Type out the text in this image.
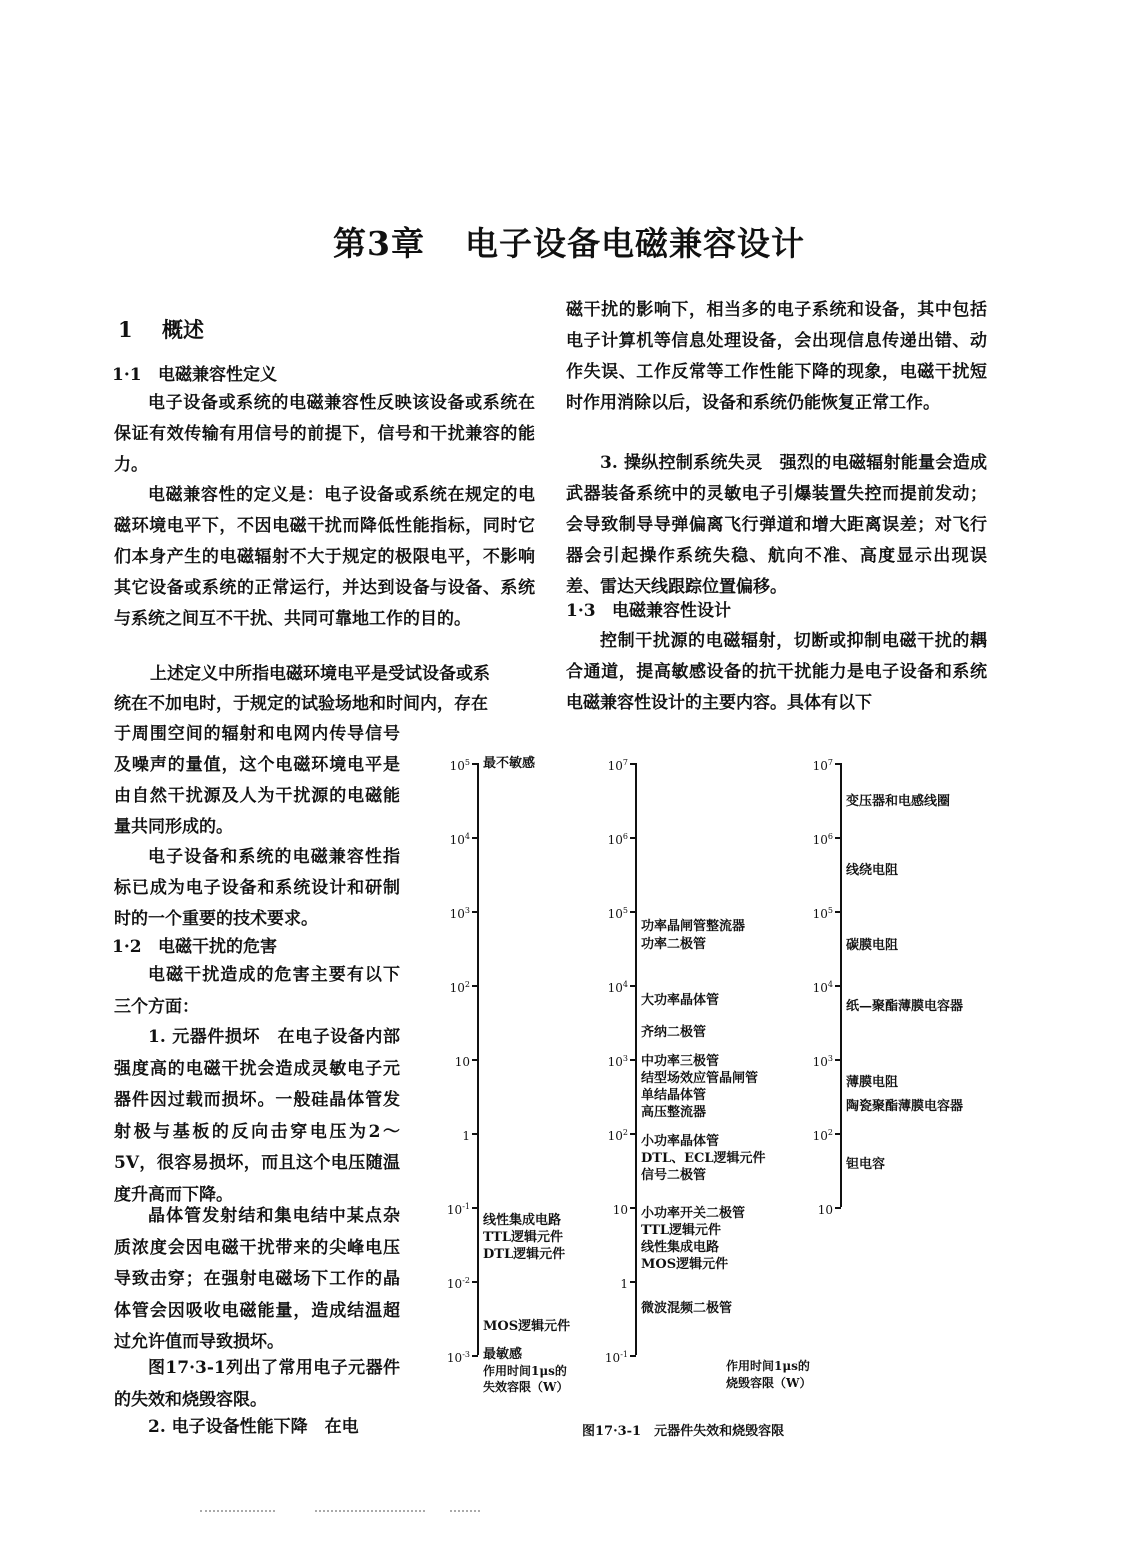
第3章 电子设备电磁兼容设计
1 概述
1·1 电磁兼容性定义
电子设备或系统的电磁兼容性反映该设备或系统在保证有效传输有用信号的前提下，信号和干扰兼容的能力。
电磁兼容性的定义是：电子设备或系统在规定的电磁环境电平下，不因电磁干扰而降低性能指标，同时它们本身产生的电磁辐射不大于规定的极限电平，不影响其它设备或系统的正常运行，并达到设备与设备、系统与系统之间互不干扰、共同可靠地工作的目的。
上述定义中所指电磁环境电平是受试设备或系
统在不加电时，于规定的试验场地和时间内，存在
于周围空间的辐射和电网内传导信号及噪声的量值，这个电磁环境电平是由自然干扰源及人为干扰源的电磁能量共同形成的。
电子设备和系统的电磁兼容性指标已成为电子设备和系统设计和研制时的一个重要的技术要求。
1·2 电磁干扰的危害
电磁干扰造成的危害主要有以下三个方面：
1. 元器件损坏　在电子设备内部强度高的电磁干扰会造成灵敏电子元器件因过载而损坏。一般硅晶体管发射极与基板的反向击穿电压为2～5V，很容易损坏，而且这个电压随温度升高而下降。
晶体管发射结和集电结中某点杂质浓度会因电磁干扰带来的尖峰电压导致击穿；在强射电磁场下工作的晶体管会因吸收电磁能量，造成结温超过允许值而导致损坏。
图17·3-1列出了常用电子元器件的失效和烧毁容限。
2. 电子设备性能下降　在电
磁干扰的影响下，相当多的电子系统和设备，其中包括电子计算机等信息处理设备，会出现信息传递出错、动作失误、工作反常等工作性能下降的现象，电磁干扰短时作用消除以后，设备和系统仍能恢复正常工作。
3. 操纵控制系统失灵　强烈的电磁辐射能量会造成武器装备系统中的灵敏电子引爆装置失控而提前发动；会导致制导导弹偏离飞行弹道和增大距离误差；对飞行器会引起操作系统失稳、航向不准、高度显示出现误差、雷达天线跟踪位置偏移。
1·3 电磁兼容性设计
控制干扰源的电磁辐射，切断或抑制电磁干扰的耦合通道，提高敏感设备的抗干扰能力是电子设备和系统电磁兼容性设计的主要内容。具体有以下
$10^5$
$10^4$
$10^3$
$10^2$
10
1
$10^{-1}$
$10^{-2}$
$10^{-3}$
最不敏感
线性集成电路
TTL逻辑元件
DTL逻辑元件
MOS逻辑元件
最敏感
作用时间1μs的
失效容限（W）
$10^7$
$10^6$
$10^5$
$10^4$
$10^3$
$10^2$
10
1
$10^{-1}$
功率晶闸管整流器
功率二极管
大功率晶体管
齐纳二极管
中功率三极管
结型场效应管晶闸管
单结晶体管
高压整流器
小功率晶体管
DTL、ECL逻辑元件
信号二极管
小功率开关二极管
TTL逻辑元件
线性集成电路
MOS逻辑元件
微波混频二极管
$10^7$
$10^6$
$10^5$
$10^4$
$10^3$
$10^2$
10
变压器和电感线圈
线绕电阻
碳膜电阻
纸—聚酯薄膜电容器
薄膜电阻
陶瓷聚酯薄膜电容器
钽电容
作用时间1μs的
烧毁容限（W）
图17·3-1　元器件失效和烧毁容限
